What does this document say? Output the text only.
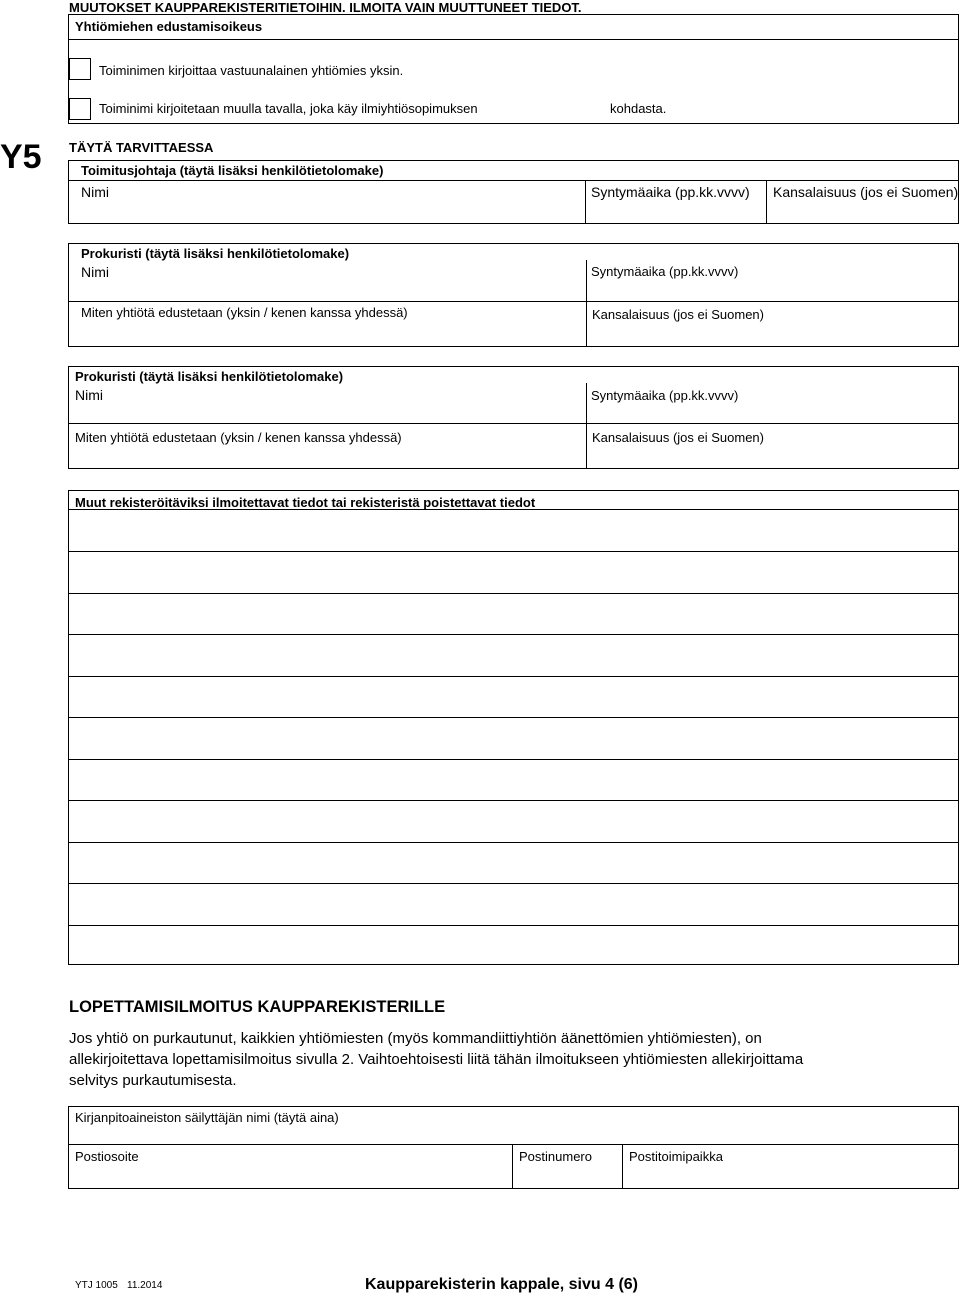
MUUTOKSET KAUPPAREKISTERITIETOIHIN. ILMOITA VAIN MUUTTUNEET TIEDOT.
Yhtiömiehen edustamisoikeus
Toiminimen kirjoittaa vastuunalainen yhtiömies yksin.
Toiminimi kirjoitetaan muulla tavalla, joka käy ilmiyhtiösopimuksen	kohdasta.
Y5 TÄYTÄ TARVITTAESSA
Toimitusjohtaja (täytä lisäksi henkilötietolomake)
Nimi	Syntymäaika (pp.kk.vvvv) Kansalaisuus (jos ei Suomen)
Prokuristi (täytä lisäksi henkilötietolomake)
Nimi	Syntymäaika (pp.kk.vvvv)
Miten yhtiötä edustetaan (yksin / kenen kanssa yhdessä)	Kansalaisuus (jos ei Suomen)
Prokuristi (täytä lisäksi henkilötietolomake)
Nimi	Syntymäaika (pp.kk.vvvv)
Miten yhtiötä edustetaan (yksin / kenen kanssa yhdessä)	Kansalaisuus (jos ei Suomen)
Muut rekisteröitäviksi ilmoitettavat tiedot tai rekisteristä poistettavat tiedot
LOPETTAMISILMOITUS KAUPPAREKISTERILLE
Jos yhtiö on purkautunut, kaikkien yhtiömiesten (myös kommandiittiyhtiön äänettömien yhtiömiesten), on
allekirjoitettava lopettamisilmoitus sivulla 2. Vaihtoehtoisesti liitä tähän ilmoitukseen yhtiömiesten allekirjoittama
selvitys purkautumisesta.
Kirjanpitoaineiston säilyttäjän nimi (täytä aina)
Postiosoite	Postinumero	Postitoimipaikka
YTJ 1005 11.2014	Kaupparekisterin kappale, sivu 4 (6)
